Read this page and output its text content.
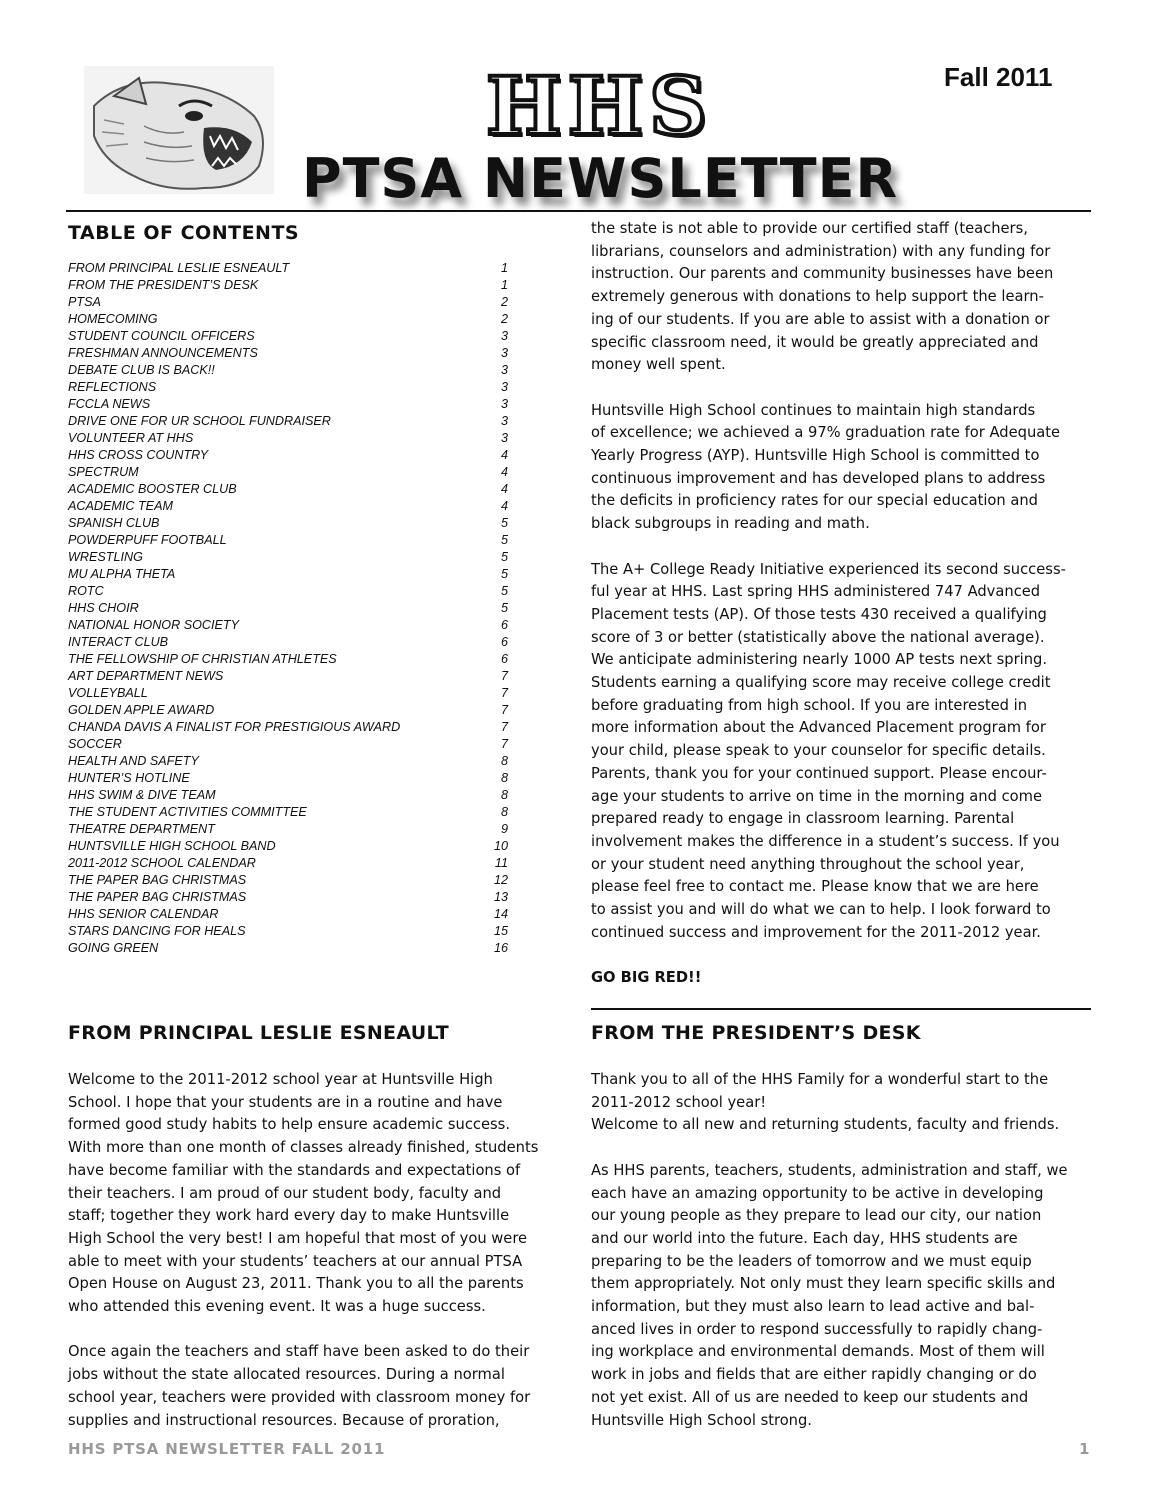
HHS	Fall 2011
PTSA NEWSLETTER
TABLE OF CONTENTS
FROM PRINCIPAL LESLIE ESNEAULT	1
FROM THE PRESIDENT’S DESK	1
PTSA	2
HOMECOMING	2
STUDENT COUNCIL OFFICERS	3
FRESHMAN ANNOUNCEMENTS	3
DEBATE CLUB IS BACK!!	3
REFLECTIONS	3
FCCLA NEWS	3
DRIVE ONE FOR UR SCHOOL FUNDRAISER	3
VOLUNTEER AT HHS	3
HHS CROSS COUNTRY	4
SPECTRUM	4
ACADEMIC BOOSTER CLUB	4
ACADEMIC TEAM	4
SPANISH CLUB	5
POWDERPUFF FOOTBALL	5
WRESTLING	5
MU ALPHA THETA	5
ROTC	5
HHS CHOIR	5
NATIONAL HONOR SOCIETY	6
INTERACT CLUB	6
THE FELLOWSHIP OF CHRISTIAN ATHLETES	6
ART DEPARTMENT NEWS	7
VOLLEYBALL	7
GOLDEN APPLE AWARD	7
CHANDA DAVIS A FINALIST FOR PRESTIGIOUS AWARD	7
SOCCER	7
HEALTH AND SAFETY	8
HUNTER’S HOTLINE	8
HHS SWIM & DIVE TEAM	8
THE STUDENT ACTIVITIES COMMITTEE	8
THEATRE DEPARTMENT	9
HUNTSVILLE HIGH SCHOOL BAND	10
2011-2012 SCHOOL CALENDAR	11
THE PAPER BAG CHRISTMAS	12
THE PAPER BAG CHRISTMAS	13
HHS SENIOR CALENDAR	14
STARS DANCING FOR HEALS	15
GOING GREEN	16
FROM PRINCIPAL LESLIE ESNEAULT
Welcome to the 2011-2012 school year at Huntsville High
School. I hope that your students are in a routine and have
formed good study habits to help ensure academic success.
With more than one month of classes already finished, students
have become familiar with the standards and expectations of
their teachers. I am proud of our student body, faculty and
staff; together they work hard every day to make Huntsville
High School the very best! I am hopeful that most of you were
able to meet with your students’ teachers at our annual PTSA
Open House on August 23, 2011. Thank you to all the parents
who attended this evening event. It was a huge success.
Once again the teachers and staff have been asked to do their
jobs without the state allocated resources. During a normal
school year, teachers were provided with classroom money for
supplies and instructional resources. Because of proration,
the state is not able to provide our certified staff (teachers,
librarians, counselors and administration) with any funding for
instruction. Our parents and community businesses have been
extremely generous with donations to help support the learn-
ing of our students. If you are able to assist with a donation or
specific classroom need, it would be greatly appreciated and
money well spent.
Huntsville High School continues to maintain high standards
of excellence; we achieved a 97% graduation rate for Adequate
Yearly Progress (AYP). Huntsville High School is committed to
continuous improvement and has developed plans to address
the deficits in proficiency rates for our special education and
black subgroups in reading and math.
The A+ College Ready Initiative experienced its second success-
ful year at HHS. Last spring HHS administered 747 Advanced
Placement tests (AP). Of those tests 430 received a qualifying
score of 3 or better (statistically above the national average).
We anticipate administering nearly 1000 AP tests next spring.
Students earning a qualifying score may receive college credit
before graduating from high school. If you are interested in
more information about the Advanced Placement program for
your child, please speak to your counselor for specific details.
Parents, thank you for your continued support. Please encour-
age your students to arrive on time in the morning and come
prepared ready to engage in classroom learning. Parental
involvement makes the difference in a student’s success. If you
or your student need anything throughout the school year,
please feel free to contact me. Please know that we are here
to assist you and will do what we can to help. I look forward to
continued success and improvement for the 2011-2012 year.
GO BIG RED!!
FROM THE PRESIDENT’S DESK
Thank you to all of the HHS Family for a wonderful start to the
2011-2012 school year!
Welcome to all new and returning students, faculty and friends.
As HHS parents, teachers, students, administration and staff, we
each have an amazing opportunity to be active in developing
our young people as they prepare to lead our city, our nation
and our world into the future. Each day, HHS students are
preparing to be the leaders of tomorrow and we must equip
them appropriately. Not only must they learn specific skills and
information, but they must also learn to lead active and bal-
anced lives in order to respond successfully to rapidly chang-
ing workplace and environmental demands. Most of them will
work in jobs and fields that are either rapidly changing or do
not yet exist. All of us are needed to keep our students and
Huntsville High School strong.
HHS PTSA NEWSLETTER FALL 2011	1
